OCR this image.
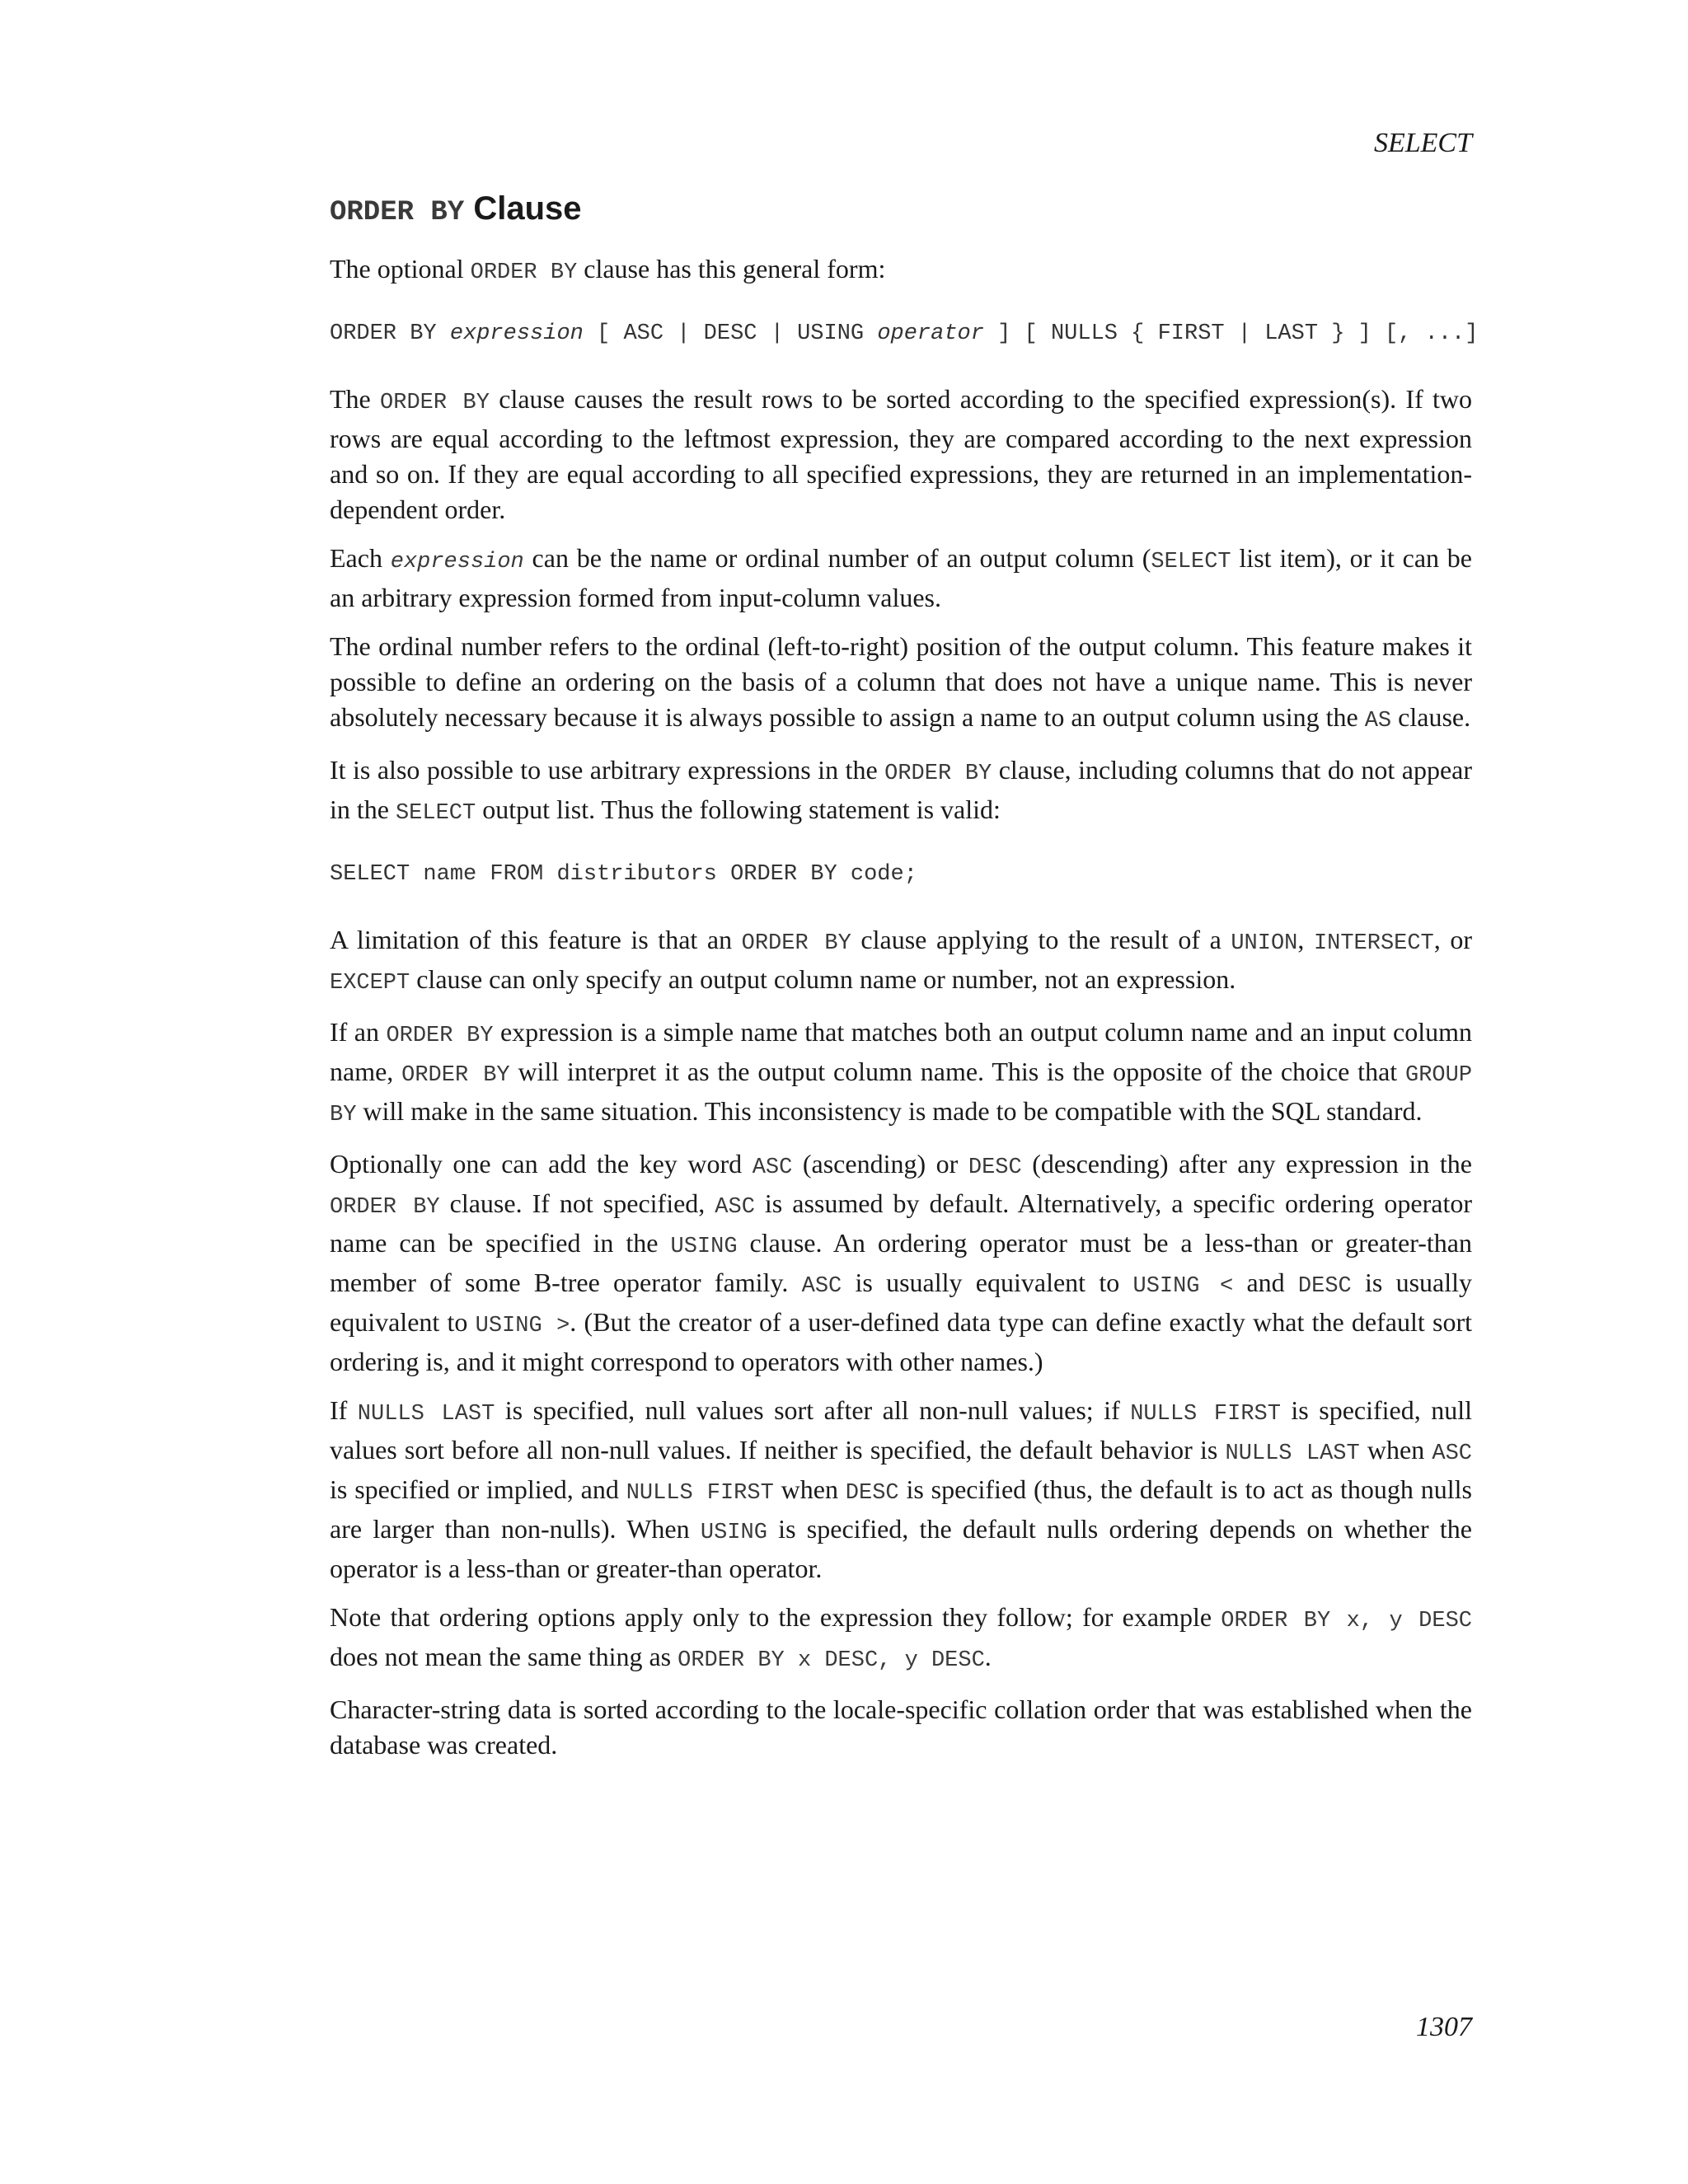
SELECT
ORDER BY Clause

The optional ORDER BY clause has this general form:

ORDER BY expression [ ASC | DESC | USING operator ] [ NULLS { FIRST | LAST } ] [, ...]

The ORDER BY clause causes the result rows to be sorted according to the specified expression(s). If two rows are equal according to the leftmost expression, they are compared according to the next expression and so on. If they are equal according to all specified expressions, they are returned in an implementation-dependent order.

Each expression can be the name or ordinal number of an output column (SELECT list item), or it can be an arbitrary expression formed from input-column values.

The ordinal number refers to the ordinal (left-to-right) position of the output column. This feature makes it possible to define an ordering on the basis of a column that does not have a unique name. This is never absolutely necessary because it is always possible to assign a name to an output column using the AS clause.

It is also possible to use arbitrary expressions in the ORDER BY clause, including columns that do not appear in the SELECT output list. Thus the following statement is valid:

SELECT name FROM distributors ORDER BY code;

A limitation of this feature is that an ORDER BY clause applying to the result of a UNION, INTERSECT, or EXCEPT clause can only specify an output column name or number, not an expression.

If an ORDER BY expression is a simple name that matches both an output column name and an input column name, ORDER BY will interpret it as the output column name. This is the opposite of the choice that GROUP BY will make in the same situation. This inconsistency is made to be compatible with the SQL standard.

Optionally one can add the key word ASC (ascending) or DESC (descending) after any expression in the ORDER BY clause. If not specified, ASC is assumed by default. Alternatively, a specific ordering operator name can be specified in the USING clause. An ordering operator must be a less-than or greater-than member of some B-tree operator family. ASC is usually equivalent to USING < and DESC is usually equivalent to USING >. (But the creator of a user-defined data type can define exactly what the default sort ordering is, and it might correspond to operators with other names.)

If NULLS LAST is specified, null values sort after all non-null values; if NULLS FIRST is specified, null values sort before all non-null values. If neither is specified, the default behavior is NULLS LAST when ASC is specified or implied, and NULLS FIRST when DESC is specified (thus, the default is to act as though nulls are larger than non-nulls). When USING is specified, the default nulls ordering depends on whether the operator is a less-than or greater-than operator.

Note that ordering options apply only to the expression they follow; for example ORDER BY x, y DESC does not mean the same thing as ORDER BY x DESC, y DESC.

Character-string data is sorted according to the locale-specific collation order that was established when the database was created.

1307
